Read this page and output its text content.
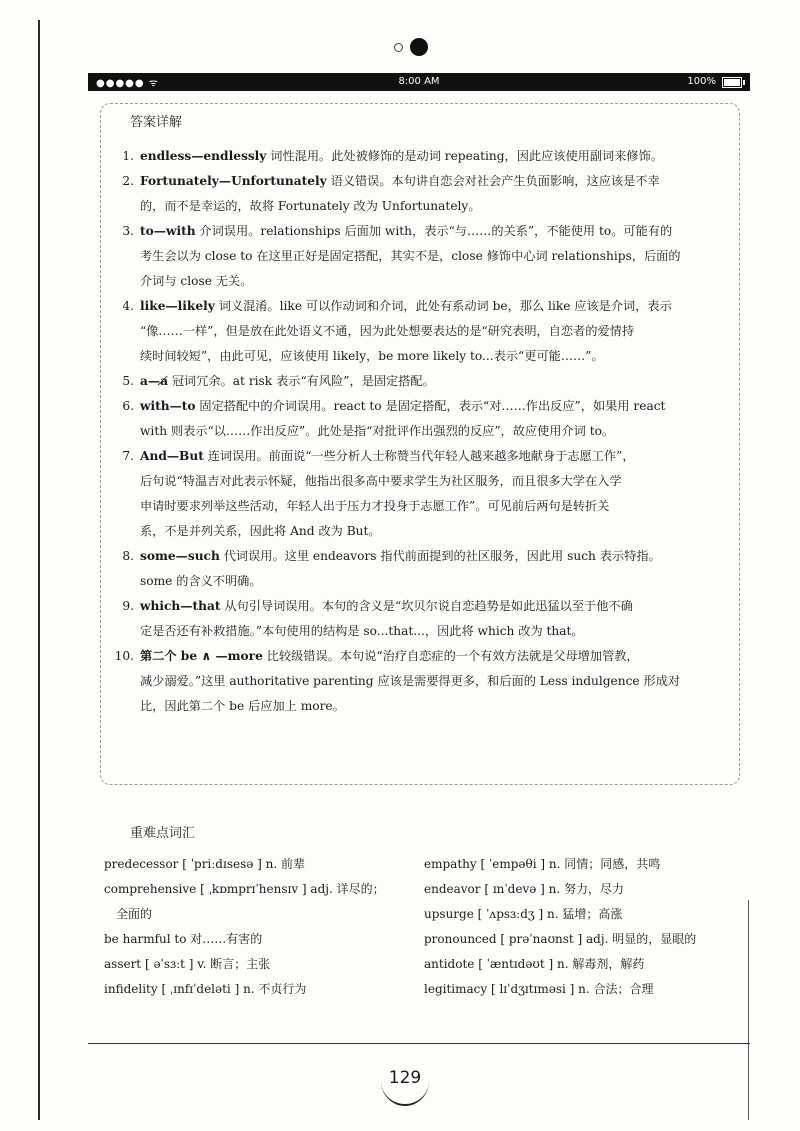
●●●●● ᯤ	8:00 AM	100%
答案详解
1. endless—endlessly 词性混用。此处被修饰的是动词 repeating，因此应该使用副词来修饰。
2. Fortunately—Unfortunately 语义错误。本句讲自恋会对社会产生负面影响，这应该是不幸
的，而不是幸运的，故将 Fortunately 改为 Unfortunately。
3. to—with 介词误用。relationships 后面加 with，表示“与……的关系”，不能使用 to。可能有的
考生会以为 close to 在这里正好是固定搭配，其实不是，close 修饰中心词 relationships，后面的
介词与 close 无关。
4. like—likely 词义混淆。like 可以作动词和介词，此处有系动词 be，那么 like 应该是介词，表示
“像……一样”，但是放在此处语义不通，因为此处想要表达的是“研究表明，自恋者的爱情持
续时间较短”，由此可见，应该使用 likely，be more likely to...表示“更可能……”。
5. a—a̸ 冠词冗余。at risk 表示“有风险”，是固定搭配。
6. with—to 固定搭配中的介词误用。react to 是固定搭配，表示“对……作出反应”，如果用 react
with 则表示“以……作出反应”。此处是指“对批评作出强烈的反应”，故应使用介词 to。
7. And—But 连词误用。前面说“一些分析人士称赞当代年轻人越来越多地献身于志愿工作”，
后句说“特温吉对此表示怀疑，他指出很多高中要求学生为社区服务，而且很多大学在入学
申请时要求列举这些活动，年轻人出于压力才投身于志愿工作”。可见前后两句是转折关
系，不是并列关系，因此将 And 改为 But。
8. some—such 代词误用。这里 endeavors 指代前面提到的社区服务，因此用 such 表示特指。
some 的含义不明确。
9. which—that 从句引导词误用。本句的含义是“坎贝尔说自恋趋势是如此迅猛以至于他不确
定是否还有补救措施。”本句使用的结构是 so...that...，因此将 which 改为 that。
10. 第二个 be ∧ —more 比较级错误。本句说“治疗自恋症的一个有效方法就是父母增加管教，
减少溺爱。”这里 authoritative parenting 应该是需要得更多，和后面的 Less indulgence 形成对
比，因此第二个 be 后应加上 more。
重难点词汇
predecessor [ ˈpriːdɪsesə ] n. 前辈
comprehensive [ ˌkɒmprɪˈhensɪv ] adj. 详尽的；
　全面的
be harmful to 对……有害的
assert [ əˈsɜːt ] v. 断言；主张
infidelity [ ˌɪnfɪˈdeləti ] n. 不贞行为
empathy [ ˈempəθi ] n. 同情；同感，共鸣
endeavor [ ɪnˈdevə ] n. 努力，尽力
upsurge [ ˈʌpsɜːdʒ ] n. 猛增；高涨
pronounced [ prəˈnaʊnst ] adj. 明显的，显眼的
antidote [ ˈæntɪdəʊt ] n. 解毒剂，解药
legitimacy [ lɪˈdʒɪtɪməsi ] n. 合法；合理
129
